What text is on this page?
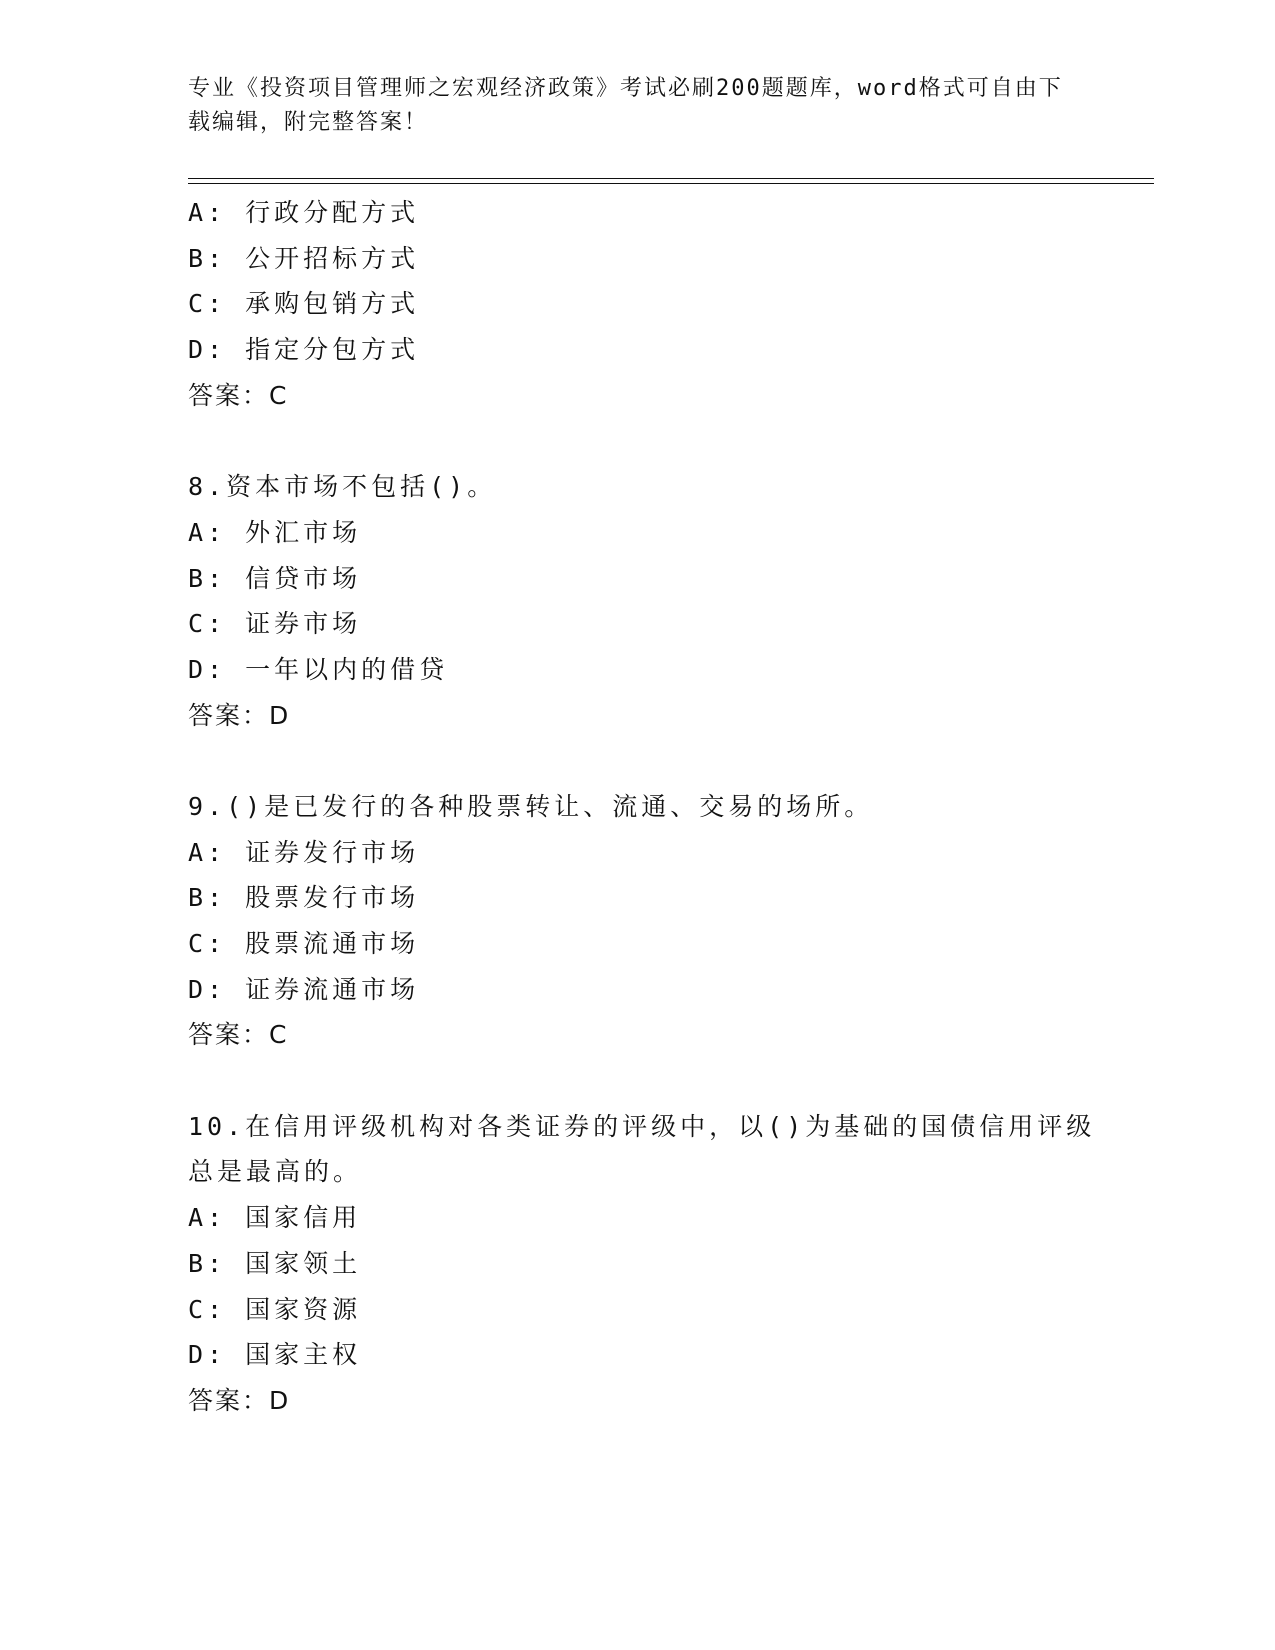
专业《投资项目管理师之宏观经济政策》考试必刷200题题库，word格式可自由下载编辑，附完整答案！
A: 行政分配方式
B: 公开招标方式
C: 承购包销方式
D: 指定分包方式
答案：C
8.资本市场不包括()。
A: 外汇市场
B: 信贷市场
C: 证券市场
D: 一年以内的借贷
答案：D
9.()是已发行的各种股票转让、流通、交易的场所。
A: 证券发行市场
B: 股票发行市场
C: 股票流通市场
D: 证券流通市场
答案：C
10.在信用评级机构对各类证券的评级中，以()为基础的国债信用评级
总是最高的。
A: 国家信用
B: 国家领土
C: 国家资源
D: 国家主权
答案：D
